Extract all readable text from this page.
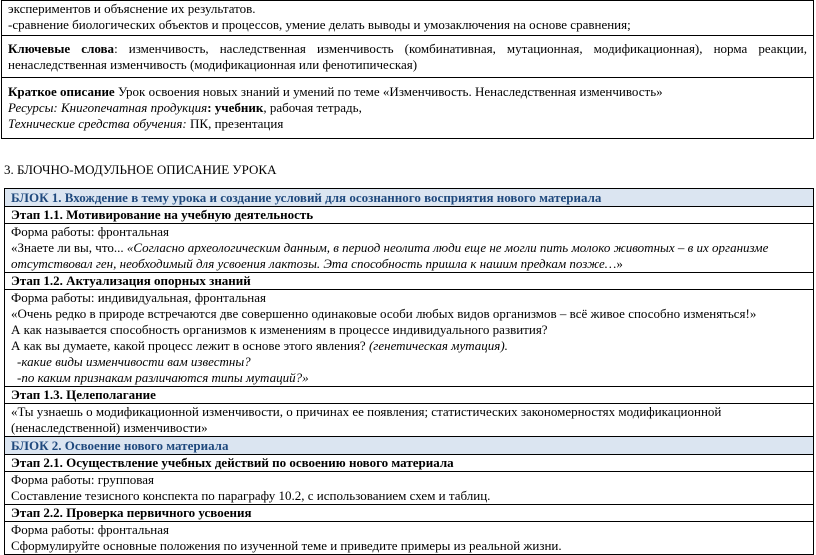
экспериментов и объяснение их результатов.

-сравнение биологических объектов и процессов, умение делать выводы и умозаключения на основе сравнения;

Ключевые слова: изменчивость, наследственная изменчивость (комбинативная, мутационная, модификационная), норма реакции, ненаследственная изменчивость (модификационная или фенотипическая)

Краткое описание Урок освоения новых знаний и умений по теме «Изменчивость. Ненаследственная изменчивость»

Ресурсы: Книгопечатная продукция: учебник, рабочая тетрадь,

Технические средства обучения: ПК, презентация

3. БЛОЧНО-МОДУЛЬНОЕ ОПИСАНИЕ УРОКА
БЛОК 1. Вхождение в тему урока и создание условий для осознанного восприятия нового материала
Этап 1.1. Мотивирование на учебную деятельность

Форма работы: фронтальная

«Знаете ли вы, что... «Согласно археологическим данным, в период неолита люди еще не могли пить молоко животных – в их организме отсутствовал ген, необходимый для усвоения лактозы. Эта способность пришла к нашим предкам позже…»

Этап 1.2. Актуализация опорных знаний

Форма работы: индивидуальная, фронтальная

«Очень редко в природе встречаются две совершенно одинаковые особи любых видов организмов – всё живое способно изменяться!»

А как называется способность организмов к изменениям в процессе индивидуального развития?

А как вы думаете, какой процесс лежит в основе этого явления? (генетическая мутация).

-какие виды изменчивости вам известны?

-по каким признакам различаются типы мутаций?»

Этап 1.3. Целеполагание
«Ты узнаешь о модификационной изменчивости, о причинах ее появления; статистических закономерностях модификационной (ненаследственной) изменчивости»
БЛОК 2. Освоение нового материала
Этап 2.1. Осуществление учебных действий по освоению нового материала

Форма работы: групповая

Составление тезисного конспекта по параграфу 10.2, с использованием схем и таблиц.

Этап 2.2. Проверка первичного усвоения

Форма работы: фронтальная

Сформулируйте основные положения по изученной теме и приведите примеры из реальной жизни.
